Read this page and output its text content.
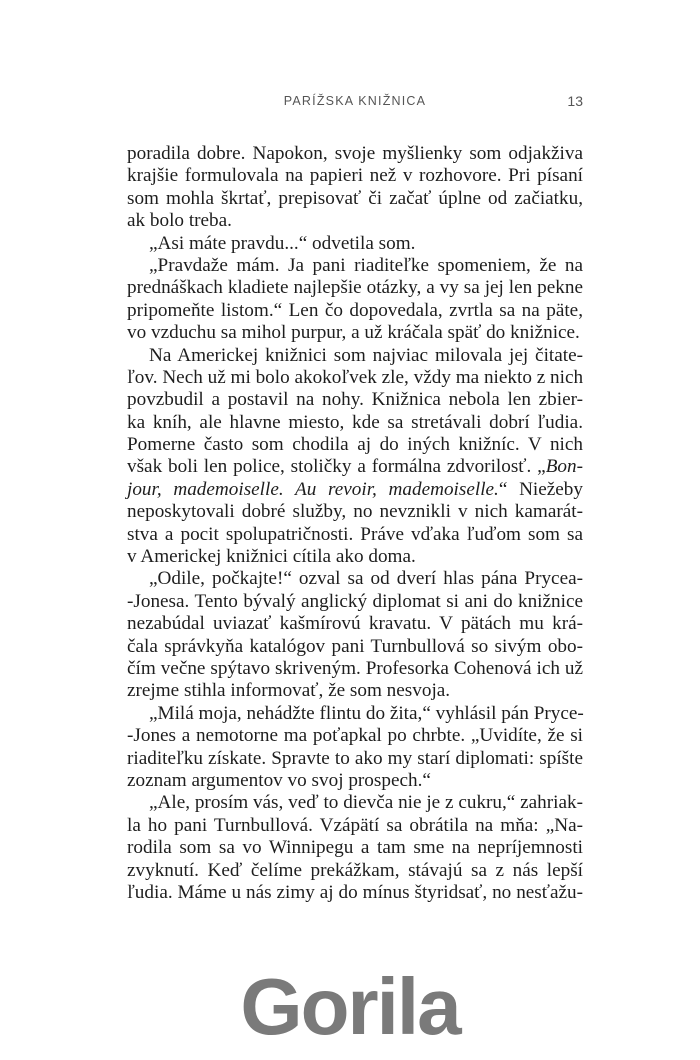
PARÍŽSKA KNIŽNICA	13
poradila dobre. Napokon, svoje myšlienky som odjakživa
krajšie formulovala na papieri než v rozhovore. Pri písaní
som mohla škrtať, prepisovať či začať úplne od začiatku,
ak bolo treba.
„Asi máte pravdu...“ odvetila som.
„Pravdaže mám. Ja pani riaditeľke spomeniem, že na
prednáškach kladiete najlepšie otázky, a vy sa jej len pekne
pripomeňte listom.“ Len čo dopovedala, zvrtla sa na päte,
vo vzduchu sa mihol purpur, a už kráčala späť do knižnice.
Na Americkej knižnici som najviac milovala jej čitate-
ľov. Nech už mi bolo akokoľvek zle, vždy ma niekto z nich
povzbudil a postavil na nohy. Knižnica nebola len zbier-
ka kníh, ale hlavne miesto, kde sa stretávali dobrí ľudia.
Pomerne často som chodila aj do iných knižníc. V nich
však boli len police, stoličky a formálna zdvorilosť. „Bon-
jour, mademoiselle. Au revoir, mademoiselle.“ Niežeby
neposkytovali dobré služby, no nevznikli v nich kamarát-
stva a pocit spolupatričnosti. Práve vďaka ľuďom som sa
v Americkej knižnici cítila ako doma.
„Odile, počkajte!“ ozval sa od dverí hlas pána Prycea-
-Jonesa. Tento bývalý anglický diplomat si ani do knižnice
nezabúdal uviazať kašmírovú kravatu. V pätách mu krá-
čala správkyňa katalógov pani Turnbullová so sivým obo-
čím večne spýtavo skriveným. Profesorka Cohenová ich už
zrejme stihla informovať, že som nesvoja.
„Milá moja, nehádžte flintu do žita,“ vyhlásil pán Pryce-
-Jones a nemotorne ma poťapkal po chrbte. „Uvidíte, že si
riaditeľku získate. Spravte to ako my starí diplomati: spíšte
zoznam argumentov vo svoj prospech.“
„Ale, prosím vás, veď to dievča nie je z cukru,“ zahriak-
la ho pani Turnbullová. Vzápätí sa obrátila na mňa: „Na-
rodila som sa vo Winnipegu a tam sme na nepríjemnosti
zvyknutí. Keď čelíme prekážkam, stávajú sa z nás lepší
ľudia. Máme u nás zimy aj do mínus štyridsať, no nesťažu-
Gorila
